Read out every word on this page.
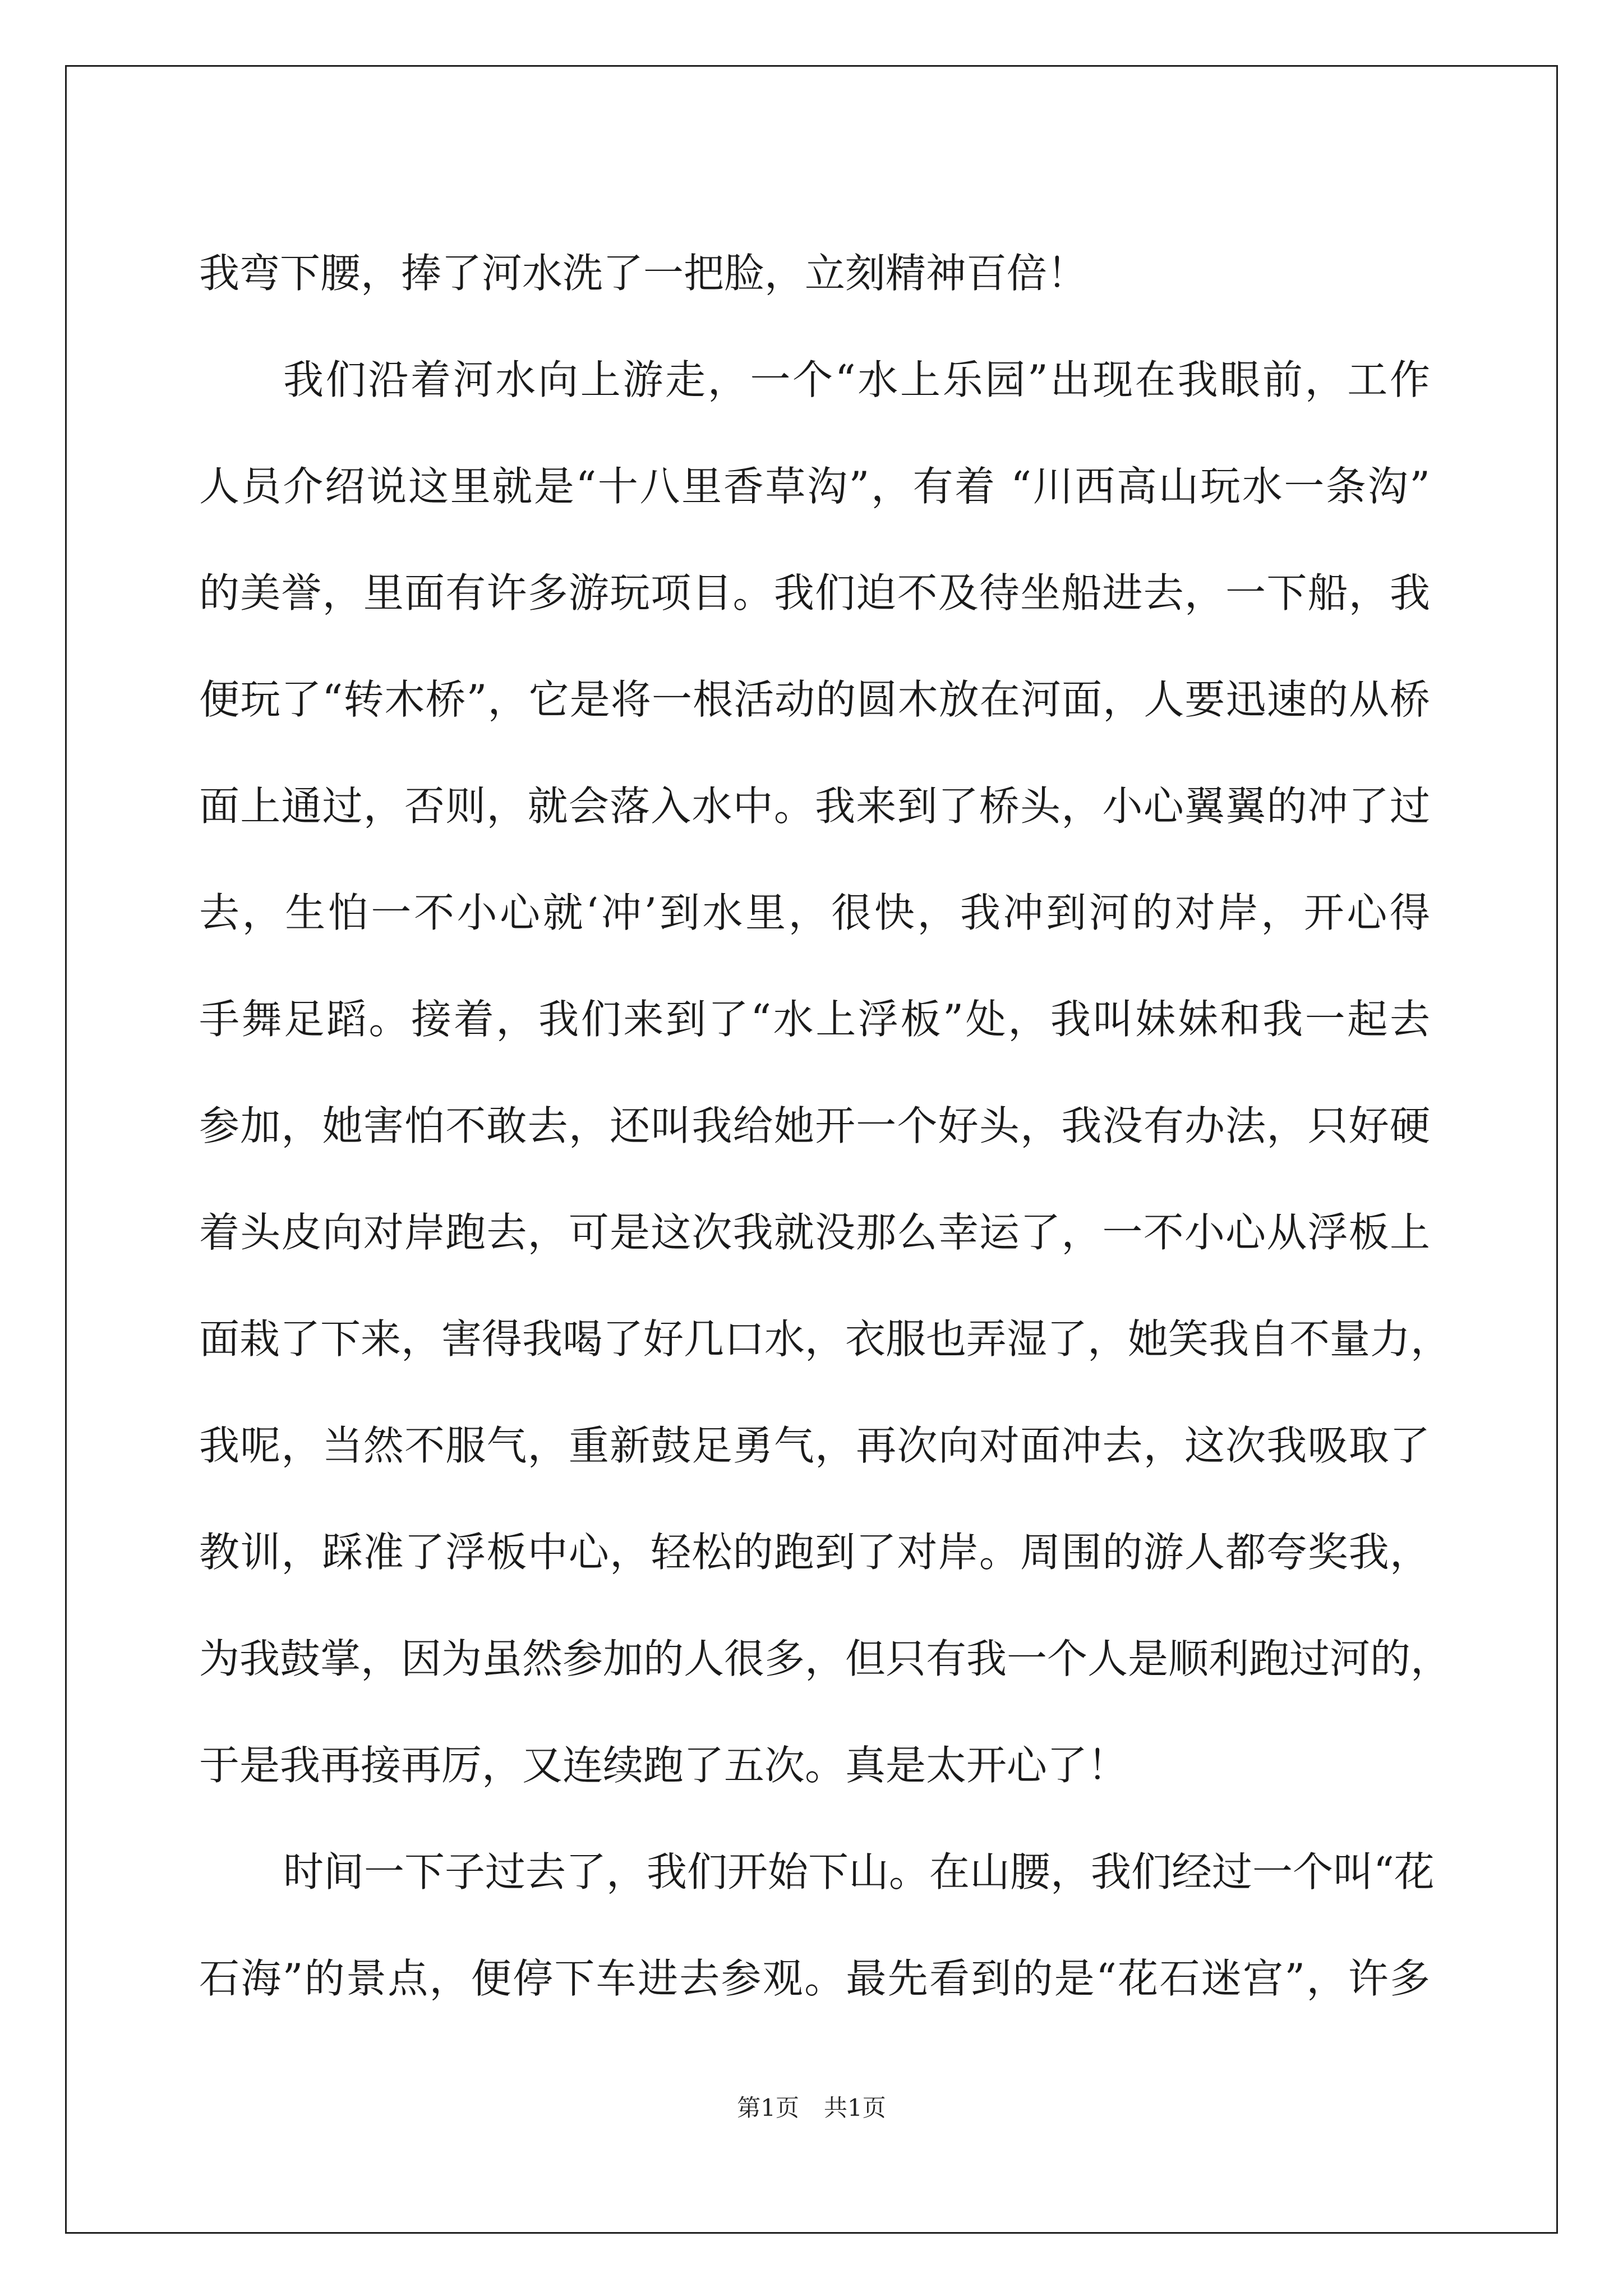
我弯下腰，捧了河水洗了一把脸，立刻精神百倍！
我们沿着河水向上游走，一个“水上乐园”出现在我眼前，工作
人员介绍说这里就是“十八里香草沟”，有着 “川西高山玩水一条沟”
的美誉，里面有许多游玩项目。我们迫不及待坐船进去，一下船，我
便玩了“转木桥”，它是将一根活动的圆木放在河面，人要迅速的从桥
面上通过，否则，就会落入水中。我来到了桥头，小心翼翼的冲了过
去，生怕一不小心就‘冲’到水里，很快，我冲到河的对岸，开心得
手舞足蹈。接着，我们来到了“水上浮板”处，我叫妹妹和我一起去
参加，她害怕不敢去，还叫我给她开一个好头，我没有办法，只好硬
着头皮向对岸跑去，可是这次我就没那么幸运了，一不小心从浮板上
面栽了下来，害得我喝了好几口水，衣服也弄湿了，她笑我自不量力，
我呢，当然不服气，重新鼓足勇气，再次向对面冲去，这次我吸取了
教训，踩准了浮板中心，轻松的跑到了对岸。周围的游人都夸奖我，
为我鼓掌，因为虽然参加的人很多，但只有我一个人是顺利跑过河的，
于是我再接再厉，又连续跑了五次。真是太开心了！
时间一下子过去了，我们开始下山。在山腰，我们经过一个叫“花
石海”的景点，便停下车进去参观。最先看到的是“花石迷宫”，许多
第1页 共1页
